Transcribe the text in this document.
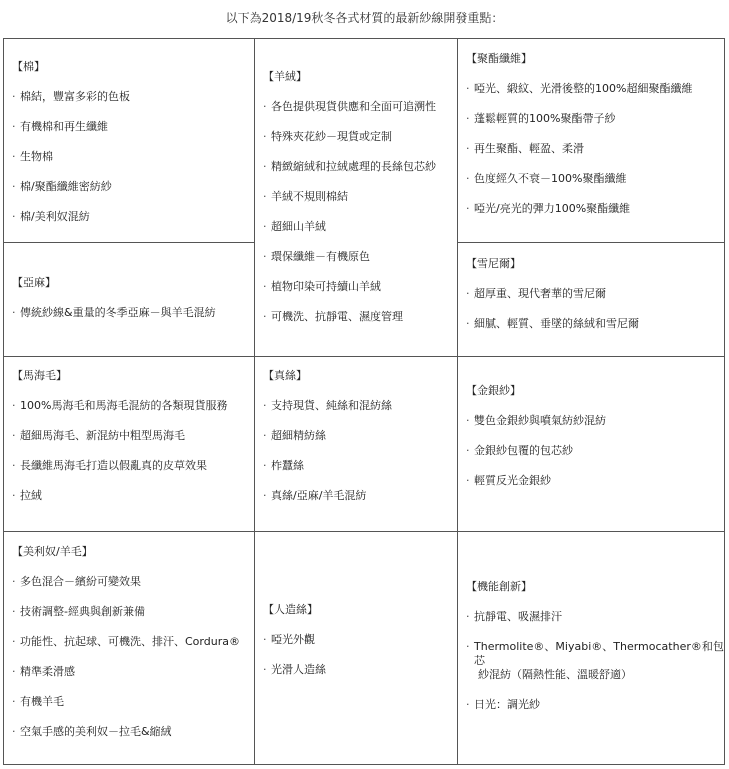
以下為2018/19秋冬各式材質的最新紗線開發重點：
【棉】
· 棉結，豐富多彩的色板
· 有機棉和再生纖維
· 生物棉
· 棉/聚酯纖維密紡紗
· 棉/美利奴混紡
【亞麻】
· 傳統紗線&重量的冬季亞麻－與羊毛混紡
【馬海毛】
· 100%馬海毛和馬海毛混紡的各類現貨服務
· 超細馬海毛、新混紡中粗型馬海毛
· 長纖維馬海毛打造以假亂真的皮草效果
· 拉絨
【美利奴/羊毛】
· 多色混合－繽紛可變效果
· 技術調整-經典與創新兼備
· 功能性、抗起球、可機洗、排汗、Cordura®
· 精準柔滑感
· 有機羊毛
· 空氣手感的美利奴－拉毛&縮絨
【羊絨】
· 各色提供現貨供應和全面可追溯性
· 特殊夾花紗－現貨或定制
· 精緻縮絨和拉絨處理的長絲包芯紗
· 羊絨不規則棉結
· 超細山羊絨
· 環保纖維－有機原色
· 植物印染可持續山羊絨
· 可機洗、抗靜電、濕度管理
【真絲】
· 支持現貨、純絲和混紡絲
· 超細精紡絲
· 柞蠶絲
· 真絲/亞麻/羊毛混紡
【人造絲】
· 啞光外觀
· 光滑人造絲
【聚酯纖維】
· 啞光、緞紋、光滑後整的100%超細聚酯纖維
· 蓬鬆輕質的100%聚酯帶子紗
· 再生聚酯、輕盈、柔滑
· 色度經久不衰－100%聚酯纖維
· 啞光/亮光的彈力100%聚酯纖維
【雪尼爾】
· 超厚重、現代奢華的雪尼爾
· 細膩、輕質、垂墜的絲絨和雪尼爾
【金銀紗】
· 雙色金銀紗與噴氣紡紗混紡
· 金銀紗包覆的包芯紗
· 輕質反光金銀紗
【機能創新】
· 抗靜電、吸濕排汗
· Thermolite®、Miyabi®、Thermocather®和包芯
紗混紡（隔熱性能、溫暖舒適）
· 日光：調光紗
